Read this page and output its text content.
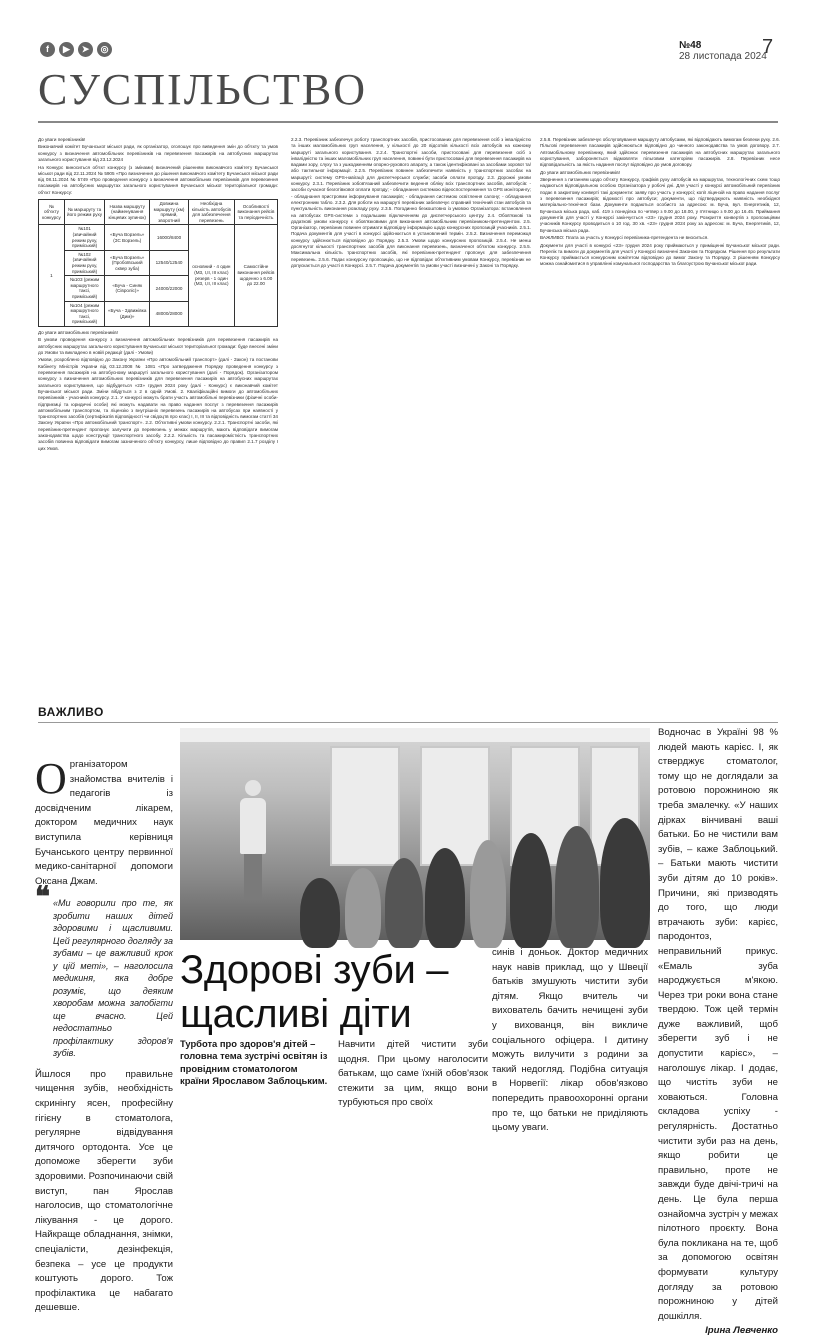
f	▶	➤	◎	№48
28 листопада 2024
7
СУСПІЛЬСТВО

До уваги перевізників!

Виконавчий комітет Бучанської міської ради, як організатор, оголошує про виведення змін до об'єкту та умов конкурсу з визначення автомобільних перевізників на перевезення пасажирів на автобусних маршрутах загального користування від 23.12.2024

На Конкурс виноситься об'єкт конкурсу (з змінами) визначений рішенням виконавчого комітету Бучанської міської ради від 22.11.2024 № 5905 «Про визначення до рішення виконавчого комітету Бучанської міської ради від 08.11.2024 № 5749 «Про проведення конкурсу з визначення автомобільних перевізників для перевезення пасажирів на автобусних маршрутах загального користування Бучанської міської територіальної громади: об'єкт Конкурсу:

№ об'єкту конкурсу	№ маршруту та його режим руху	Назва маршруту (найменування кінцевих зупинок)	Довжина маршруту (км) прямий, зворотний	Необхідна кількість автобусів для забезпечення перевезень	Особливості виконання рейсів та періодичність
1	№101 (звичайний режим руху, приміський)	«Буча Ворзель» (ЗС Ворзель)	16000/8400	основний - 4 один (М3, І,ІІ, ІІІ клас) резерв - 1 один (М3, І,ІІ, ІІІ клас)	Самостійне виконання рейсів щоденно з 6.00 до 22.00
	№102 (звичайний режим руху, приміський)	«Буча Ворзель» (Пробоївський сквер зуба)	12540/12540		
	№103 (режим маршрутного таксі, приміський)	«Буча - Синяк (Сівроліс)»	24000/22000		
	№104 (режим маршрутного таксі, приміський)	«Буча - Здвижівка (Дим)»	48000/28000		

До уваги автомобільних перевізників!

В умови проведення конкурсу з визначення автомобільних перевізників для перевезення пасажирів на автобусних маршрутах загального користування Бучанської міської територіальної громади: буде внесені зміни до Умови та викладено в новій редакції (далі - Умови)

Умови, розроблено відповідно до Закону України «Про автомобільний транспорт» (далі - Закон) та постанови Кабінету Міністрів України від 03.12.2008 № 1081 «Про затвердження Порядку проведення конкурсу з перевезення пасажирів на автобусному маршруті загального користування (далі - Порядок). Організатором конкурсу з визначення автомобільних перевізників для перевезення пасажирів на автобусних маршрутах загального користування, що відбудеться «23» грудня 2024 року (далі - Конкурс) є виконавчий комітет Бучанської міської ради. Зміни вібдуться з 2 в одній Умові. 2. Кваліфікаційні вимоги до автомобільних перевізників - учасників конкурсу. 2.1. У конкурсі можуть брати участь автомобільні перевізники (фізичні особи-підприємці та юридичні особи) які можуть надавати на право надання послуг з перевезення пасажирів автомобільним транспортом, та ліцензію з внутрішніх перевезень пасажирів на автобусах при наявності у транспортних засобів (сертифікатів відповідності чи свідоцтв про клас) І, ІІ, ІІІ та відповідність вимогам статті 34 Закону України «Про автомобільний транспорт». 2.2. Об'єктивні умови конкурсу. 2.2.1. Транспортні засоби, які перевізник-претендент пропонує залучити до перевезень у межах маршрутів, мають відповідати вимогам законодавства щодо конструкції транспортного засобу. 2.2.2. Кількість та пасажиромісткість транспортних засобів повинна відповідати вимогам зазначеного об'єкту конкурсу, лише відповідно до правил 2.1.7 розділу І цих Умов.

2.2.3. Перевізник забезпечує роботу транспортних засобів, пристосованих для перевезення осіб з інвалідністю та інших маломобільних груп населення, у кількості до 20 відсотків кількості всіх автобусів на кожному маршруті загального користування. 2.2.4. Транспортні засоби, пристосовані для перевезення осіб з інвалідністю та інших маломобільних груп населення, повинні бути пристосовані для перевезення пасажирів на вадами зору, слуху та з ушкодженням опорно-рухового апарату, а також ідентифіковані за засобами зорової та/або тактильної інформації. 2.2.5. Перевізник повинен забезпечити наявність у транспортних засобах на маршруті: систему GPS-навігації для диспетчерської служби; засоби оплати проїзду. 2.3. Дорожні умови конкурсу. 2.3.1. Перевізник зобов'язаний забезпечити ведення обліку всіх транспортних засобів, автобусів: - засоби сучасної безготівкової оплати проїзду; - обладнання системою відеоспостереження та GPS моніторингу; - обладнання пристроями інформування пасажирів; - обладнання системою освітлення салону; - обладнання електронним табло. 2.3.2. Для роботи на маршруті перевізник забезпечує справний технічний стан автобусів та пунктуальність виконання розкладу руху. 2.3.5. Погодинно безкоштовно із умовою Організатора: встановлення на автобусах GPS-системи з подальшим підключенням до диспетчерського центру. 2.4. Обов'язкові та додаткові умови конкурсу є обов'язковими для виконання автомобільним перевізником-претендентом. 2.5. Організатор, перевізник повинен отримати відповідну інформацію щодо конкурсних пропозицій учасників. 2.5.1. Подача документів для участі в конкурсі здійснюється в установлений термін. 2.5.2. Визначення переможця конкурсу здійснюється відповідно до Порядку. 2.5.3. Умови щодо конкурсних пропозицій. 2.5.4. Не менш досягнутої кількості транспортних засобів для виконання перевезень, визначеної об'єктом конкурсу. 2.5.5. Максимальна кількість транспортних засобів, які перевізник-претендент пропонує для забезпечення перевезень. 2.5.6. Подає конкурсну пропозицію, що не відповідає об'єктивним умовам Конкурсу, перевізник не допускається до участі в Конкурсі. 2.5.7. Подача документів та умови участі визначені у Законі та Порядку.

2.5.8. Перевізник забезпечує обслуговування маршруту автобусами, які відповідають вимогам безпеки руху. 2.6. Пільгові перевезення пасажирів здійснюються відповідно до чинного законодавства та умов договору. 2.7. Автомобільному перевізнику, який здійснює перевезення пасажирів на автобусних маршрутах загального користування, забороняється відмовляти пільговим категоріям пасажирів. 2.8. Перевізник несе відповідальність за якість надання послуг відповідно до умов договору.

До уваги автомобільних перевізників!

Звернення з питанням щодо об'єкту Конкурсу, графіків руху автобусів на маршрутах, технологічних схем тощо надаються відповідальною особою Організатора у робочі дні. Для участі у конкурсі автомобільний перевізник подає в закритому конверті такі документи: заяву про участь у конкурсі; копії ліцензій на право надання послуг з перевезення пасажирів; відомості про автобуси; документи, що підтверджують наявність необхідної матеріально-технічної бази. Документи подаються особисто за адресою: м. Буча, вул. Енергетиків, 12, Бучанська міська рада, каб. 419 з понеділка по четвер з 9.00 до 18.00, у п'ятницю з 9.00 до 16.45. Приймання документів для участі у Конкурсі закінчується «23» грудня 2024 року. Розкриття конвертів з пропозиціями учасників Конкурсу проводиться о 10 год. 30 хв. «23» грудня 2024 року за адресою: м. Буча, Енергетиків, 12, Бучанська міська рада.

ВАЖЛИВО: Плата за участь у Конкурсі перевізника-претендента не вноситься.

Документи для участі в конкурсі «23» грудня 2024 року приймаються у приміщенні Бучанської міської ради. Перелік та вимоги до документів для участі у Конкурсі визначені Законом та Порядком. Рішення про результати Конкурсу приймається конкурсним комітетом відповідно до вимог Закону та Порядку. З рішенням Конкурсу можна ознайомитися в управлінні комунальної господарства та благоустрою Бучанської міської ради.

ВАЖЛИВО

О рганізатором знайомства вчителів і педагогів із досвідченим лікарем, доктором медичних наук виступила керівниця Бучанського центру первинної медико-санітарної допомоги Оксана Джам.

❝ «Ми говорили про те, як зробити наших дітей здоровими і щасливими. Цей регулярного догляду за зубами – це важливий крок у цій меті», – наголосила медикиня, яка добре розуміє, що деяким хворобам можна запобігти ще вчасно. Цей недостатньо профілактику здоров'я зубів.

Йшлося про правильне чищення зубів, необхідність скринінгу ясен, професійну гігієну в стоматолога, регулярне відвідування дитячого ортодонта. Усе це допоможе зберегти зуби здоровими. Розпочинаючи свій виступ, пан Ярослав наголосив, що стоматологічне лікування - це дорого. Найкраще обладнання, знімки, спеціалісти, дезінфекція, безпека – усе це продукти коштують дорого. Тож профілактика це набагато дешевше.

Здорові зуби – щасливі діти
Турбота про здоров'я дітей – головна тема зустрічі освітян із провідним стоматологом країни Ярославом Заблоцьким.

Навчити дітей чистити зуби щодня. При цьому наголосити батькам, що саме їхній обов'язок стежити за цим, якщо вони турбуються про своїх

синів і доньок. Доктор медичних наук навів приклад, що у Швеції батьків змушують чистити зуби дітям. Якщо вчитель чи вихователь бачить нечищені зуби у вихованця, він викличе соціального офіцера. І дитину можуть вилучити з родини за такий недогляд. Подібна ситуація в Норвегії: лікар обов'язково попередить правоохоронні органи про те, що батьки не приділяють цьому уваги.

Водночас в Україні 98 % людей мають карієс. І, як стверджує стоматолог, тому що не доглядали за ротовою порожниною як треба змалечку. «У наших дірках вінчивані ваші батьки. Бо не чистили вам зубів, – каже Заблоцький. – Батьки мають чистити зуби дітям до 10 років». Причини, які призводять до того, що люди втрачають зуби: карієс, пародонтоз, неправильний прикус. «Емаль зуба народжується м'якою. Через три роки вона стане твердою. Тож цей термін дуже важливий, щоб зберегти зуб і не допустити карієс», – наголошує лікар. І додає, що чистіть зуби не ховаються. Головна складова успіху - регулярність. Достатньо чистити зуби раз на день, якщо робити це правильно, проте не завжди буде двічі-тричі на день. Це була перша ознайомча зустріч у межах пілотного проєкту. Вона була покликана на те, щоб за допомогою освітян формувати культуру догляду за ротовою порожниною у дітей дошкілля.

Ірина Левченко
